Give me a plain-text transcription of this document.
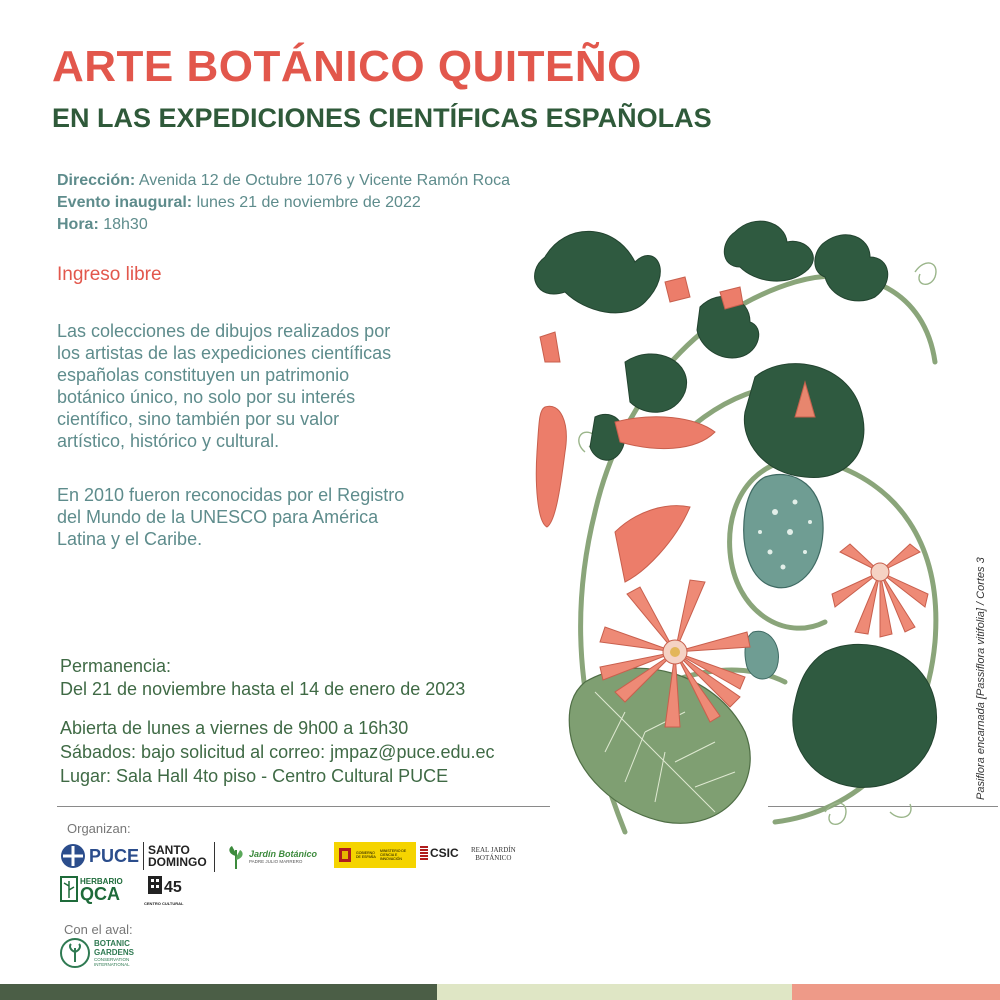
ARTE BOTÁNICO QUITEÑO
EN LAS EXPEDICIONES CIENTÍFICAS ESPAÑOLAS
Dirección: Avenida 12 de Octubre 1076 y Vicente Ramón Roca
Evento inaugural: lunes 21 de noviembre de 2022
Hora: 18h30
Ingreso libre
Las colecciones de dibujos realizados por
los artistas de las expediciones científicas
españolas constituyen un patrimonio
botánico único, no solo por su interés
científico, sino también por su valor
artístico, histórico y cultural.
En 2010 fueron reconocidas por el Registro
del Mundo de la UNESCO para América
Latina y el Caribe.
Permanencia:
Del 21 de noviembre hasta el 14 de enero de 2023
Abierta de lunes a viernes de 9h00 a 16h30
Sábados: bajo solicitud al correo: jmpaz@puce.edu.ec
Lugar: Sala Hall 4to piso - Centro Cultural PUCE	Pasiflora encarnada [Passiflora vitifolia] / Cortes 3
Organizan:
PUCE SANTO
DOMINGO
Jardín Botánico
PADRE JULIO MARRERO
GOBIERNO DE ESPAÑA
MINISTERIO DE CIENCIA E INNOVACIÓN	CSIC REAL JARDÍN
BOTÁNICO
HERBARIO
QCA	45
CENTRO CULTURAL
Con el aval:
BOTANIC
GARDENS
CONSERVATION
INTERNATIONAL
